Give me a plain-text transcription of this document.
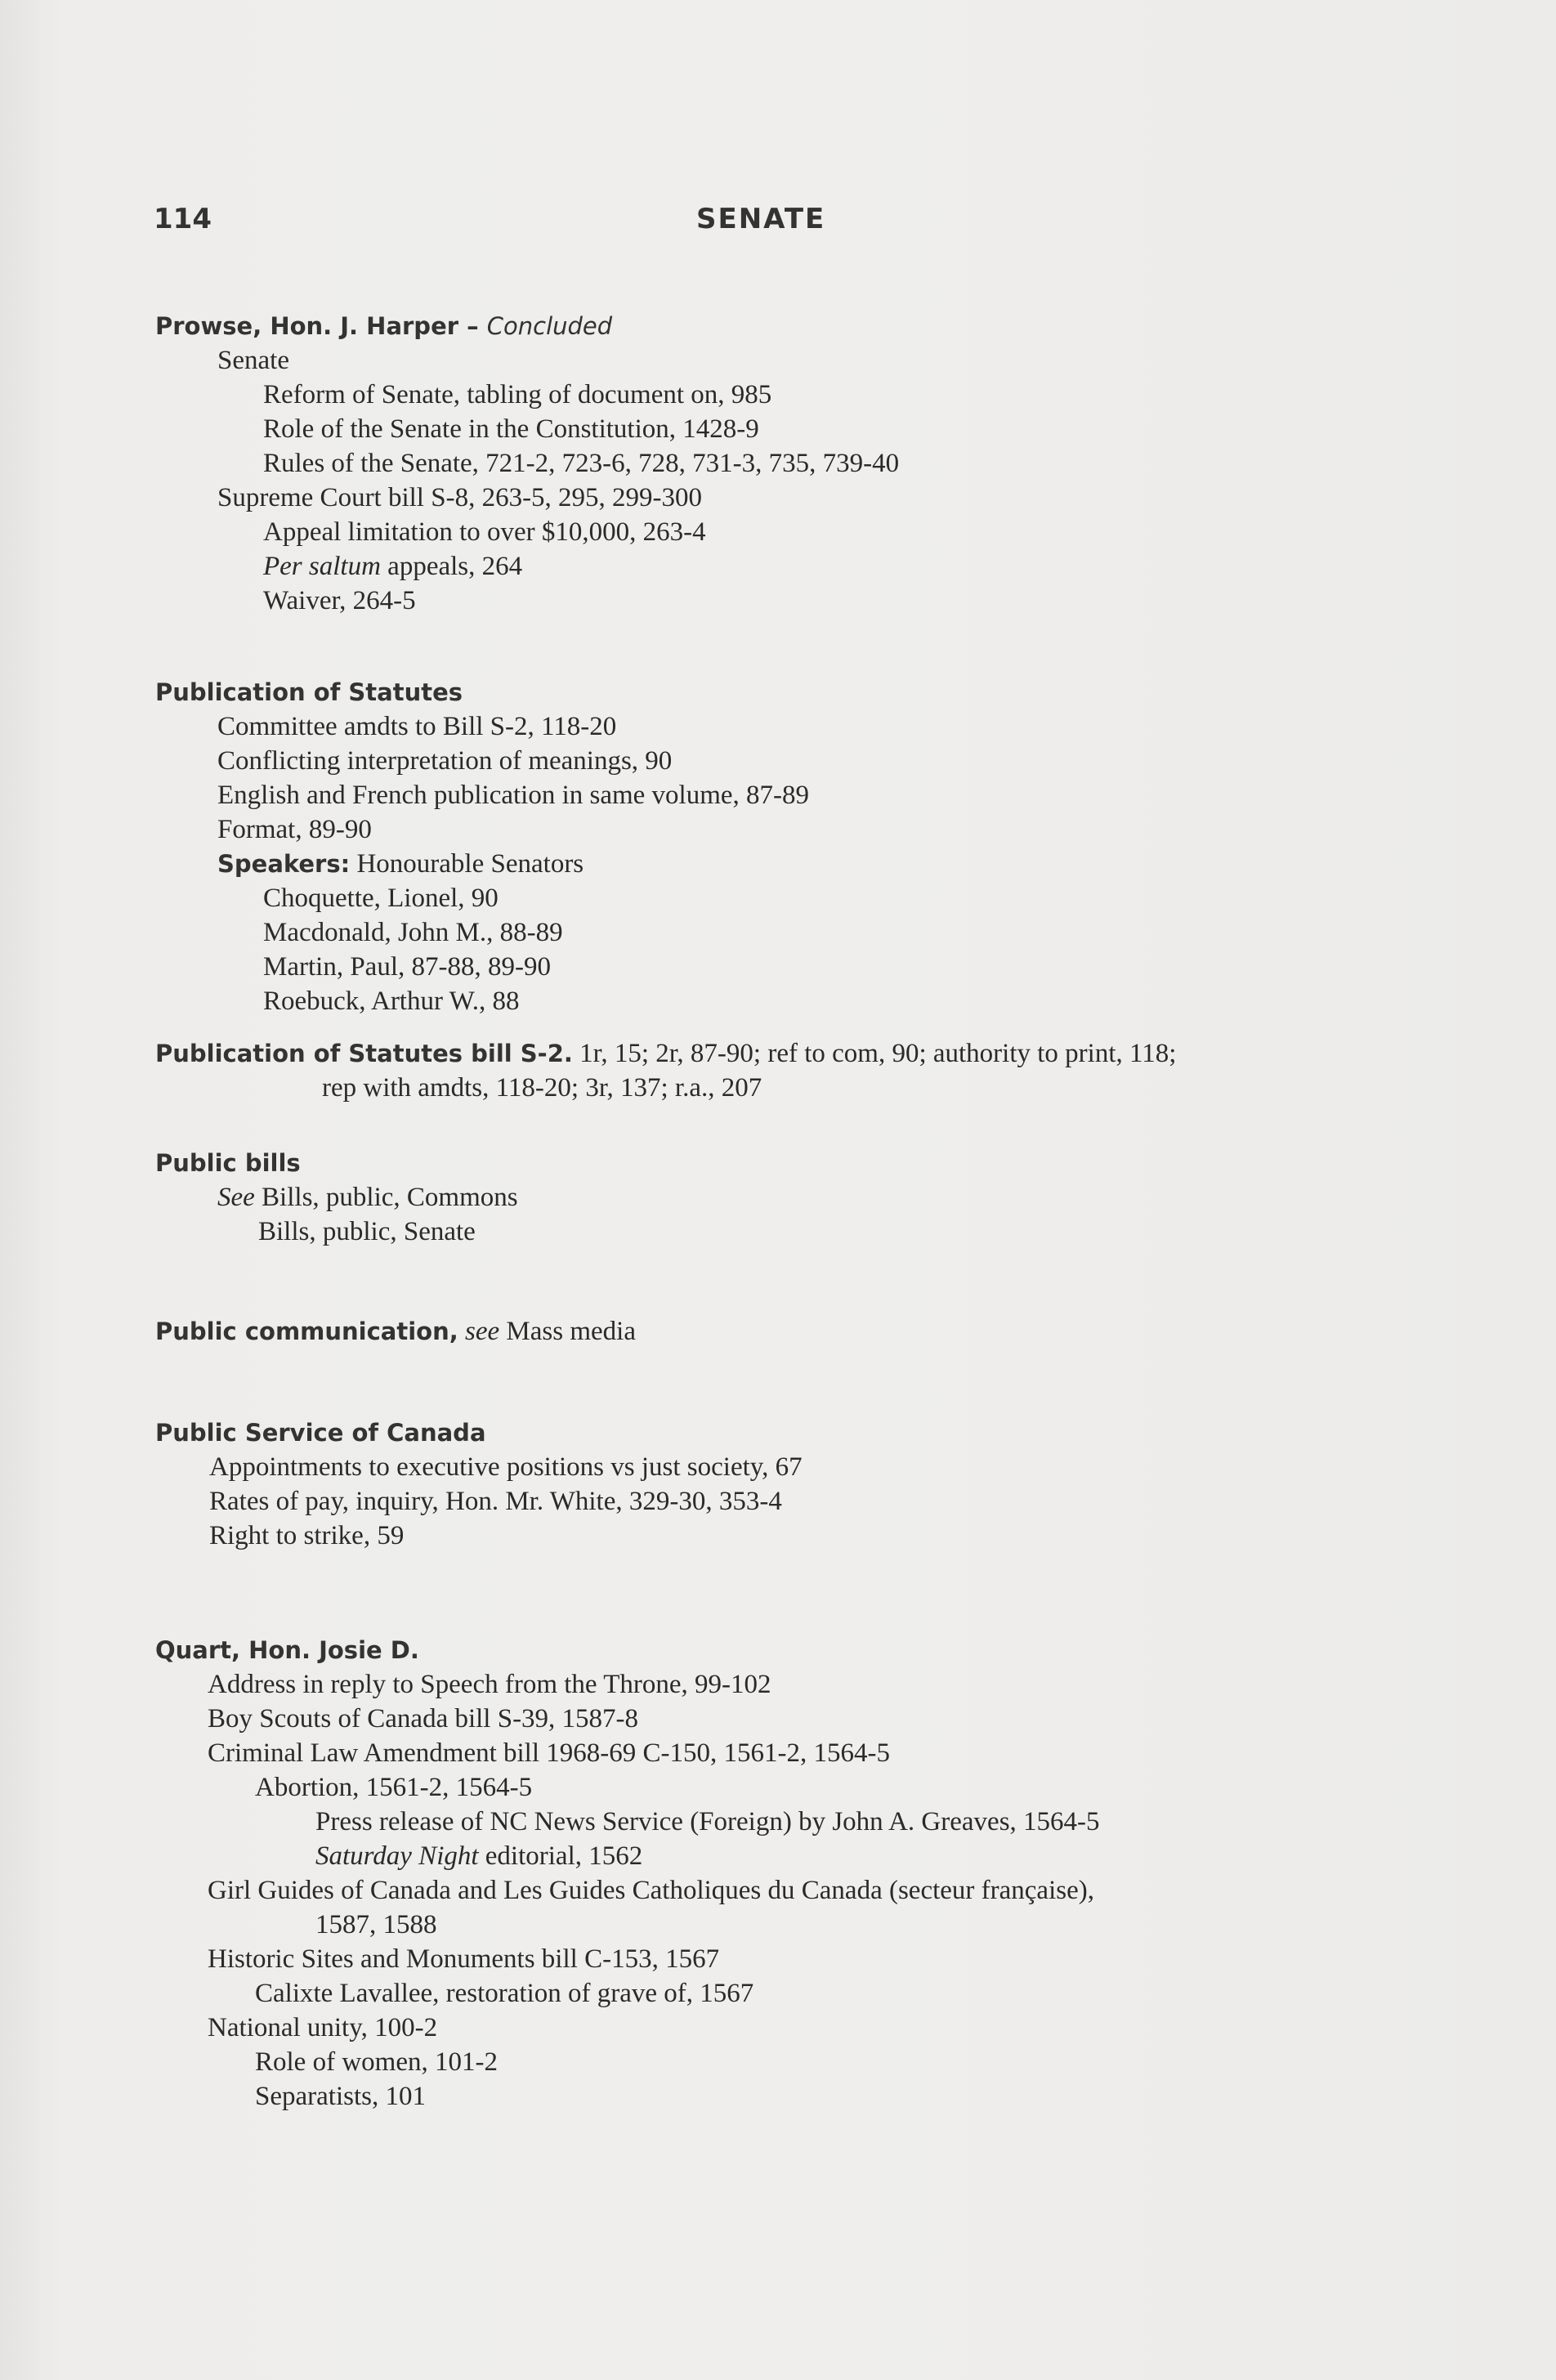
114	SENATE
Prowse, Hon. J. Harper – Concluded
Senate
Reform of Senate, tabling of document on, 985
Role of the Senate in the Constitution, 1428-9
Rules of the Senate, 721-2, 723-6, 728, 731-3, 735, 739-40
Supreme Court bill S-8, 263-5, 295, 299-300
Appeal limitation to over $10,000, 263-4
Per saltum appeals, 264
Waiver, 264-5
Publication of Statutes
Committee amdts to Bill S-2, 118-20
Conflicting interpretation of meanings, 90
English and French publication in same volume, 87-89
Format, 89-90
Speakers: Honourable Senators
Choquette, Lionel, 90
Macdonald, John M., 88-89
Martin, Paul, 87-88, 89-90
Roebuck, Arthur W., 88
Publication of Statutes bill S-2. 1r, 15; 2r, 87-90; ref to com, 90; authority to print, 118;
rep with amdts, 118-20; 3r, 137; r.a., 207
Public bills
See Bills, public, Commons
Bills, public, Senate
Public communication, see Mass media
Public Service of Canada
Appointments to executive positions vs just society, 67
Rates of pay, inquiry, Hon. Mr. White, 329-30, 353-4
Right to strike, 59
Quart, Hon. Josie D.
Address in reply to Speech from the Throne, 99-102
Boy Scouts of Canada bill S-39, 1587-8
Criminal Law Amendment bill 1968-69 C-150, 1561-2, 1564-5
Abortion, 1561-2, 1564-5
Press release of NC News Service (Foreign) by John A. Greaves, 1564-5
Saturday Night editorial, 1562
Girl Guides of Canada and Les Guides Catholiques du Canada (secteur française),
1587, 1588
Historic Sites and Monuments bill C-153, 1567
Calixte Lavallee, restoration of grave of, 1567
National unity, 100-2
Role of women, 101-2
Separatists, 101
